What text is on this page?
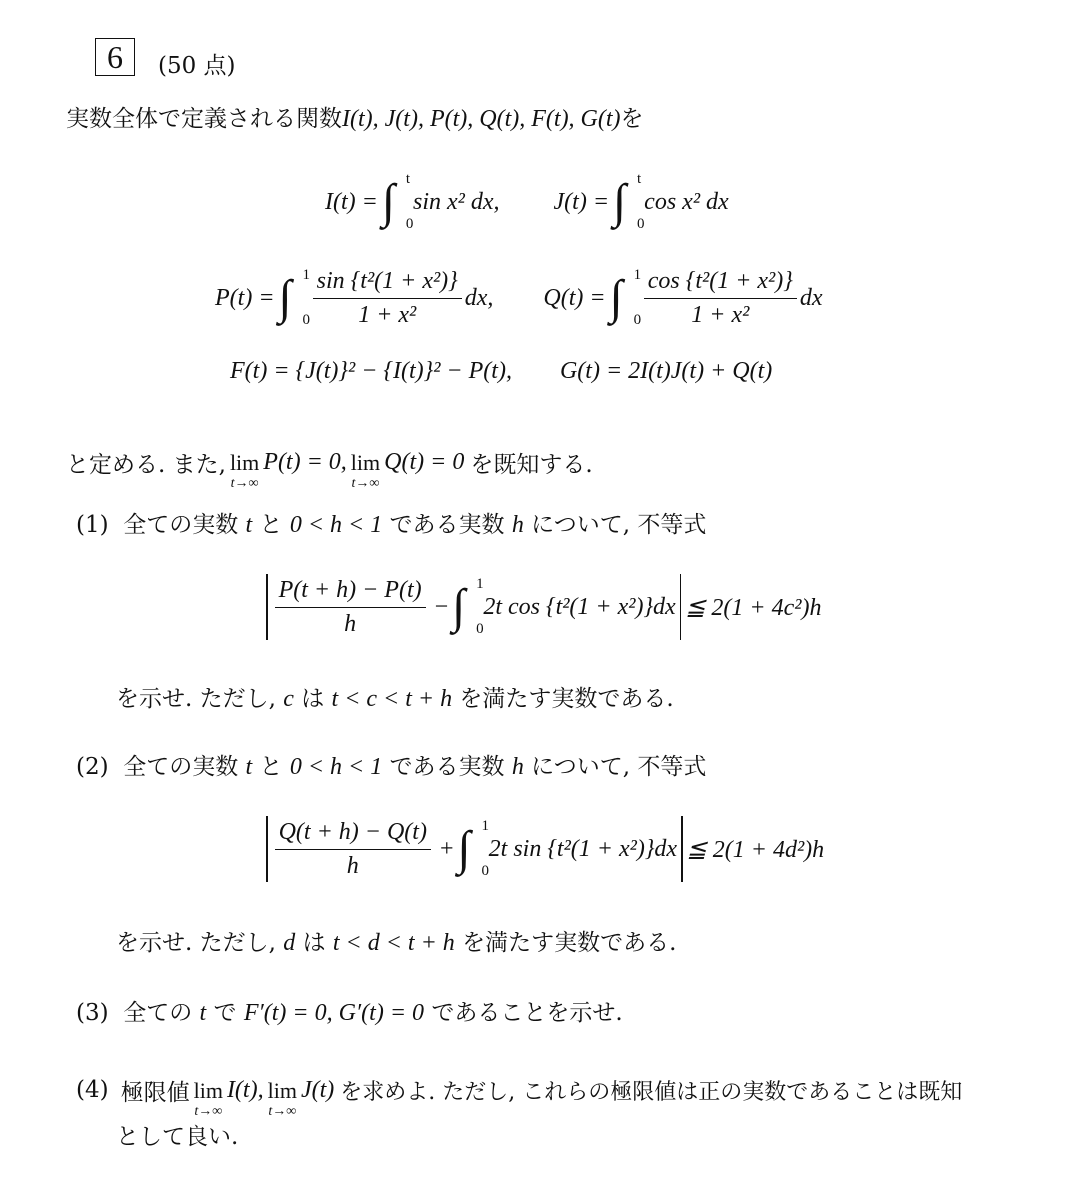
6	(50 点)
実数全体で定義される関数I(t), J(t), P(t), Q(t), F(t), G(t)を
I(t) = ∫ t
0
sin x² dx, J(t) = ∫ t
0
cos x² dx
P(t) = ∫ 1
$0 \frac{\text{sin \{t²(1 + x²)\}}}{\text{1 + x²}}$ dx, Q(t) = ∫ 1
$0 \frac{\text{cos \{t²(1 + x²)\}}}{\text{1 + x²}}$ dx
F(t) = {J(t)}² − {I(t)}² − P(t), G(t) = 2I(t)J(t) + Q(t)
と定める. また, lim
t→∞
P(t) = 0, lim
t→∞
Q(t) = 0 を既知する.
(1) 全ての実数 t と 0 < h < 1 である実数 h について, 不等式
$\frac{P(t + h) - P(t)}{h}$ − ∫ 1
0
2t cos {t²(1 + x²)}dx ≦ 2(1 + 4c²)h
を示せ. ただし, c は t < c < t + h を満たす実数である.
(2) 全ての実数 t と 0 < h < 1 である実数 h について, 不等式
$\frac{Q(t + h) - Q(t)}{h}$ + ∫ 1
0
2t sin {t²(1 + x²)}dx ≦ 2(1 + 4d²)h
を示せ. ただし, d は t < d < t + h を満たす実数である.
(3) 全ての t で F′(t) = 0, G′(t) = 0 であることを示せ.
(4) 極限値 lim
t→∞
I(t), lim
t→∞
J(t) を求めよ. ただし, これらの極限値は正の実数であることは既知
として良い.
